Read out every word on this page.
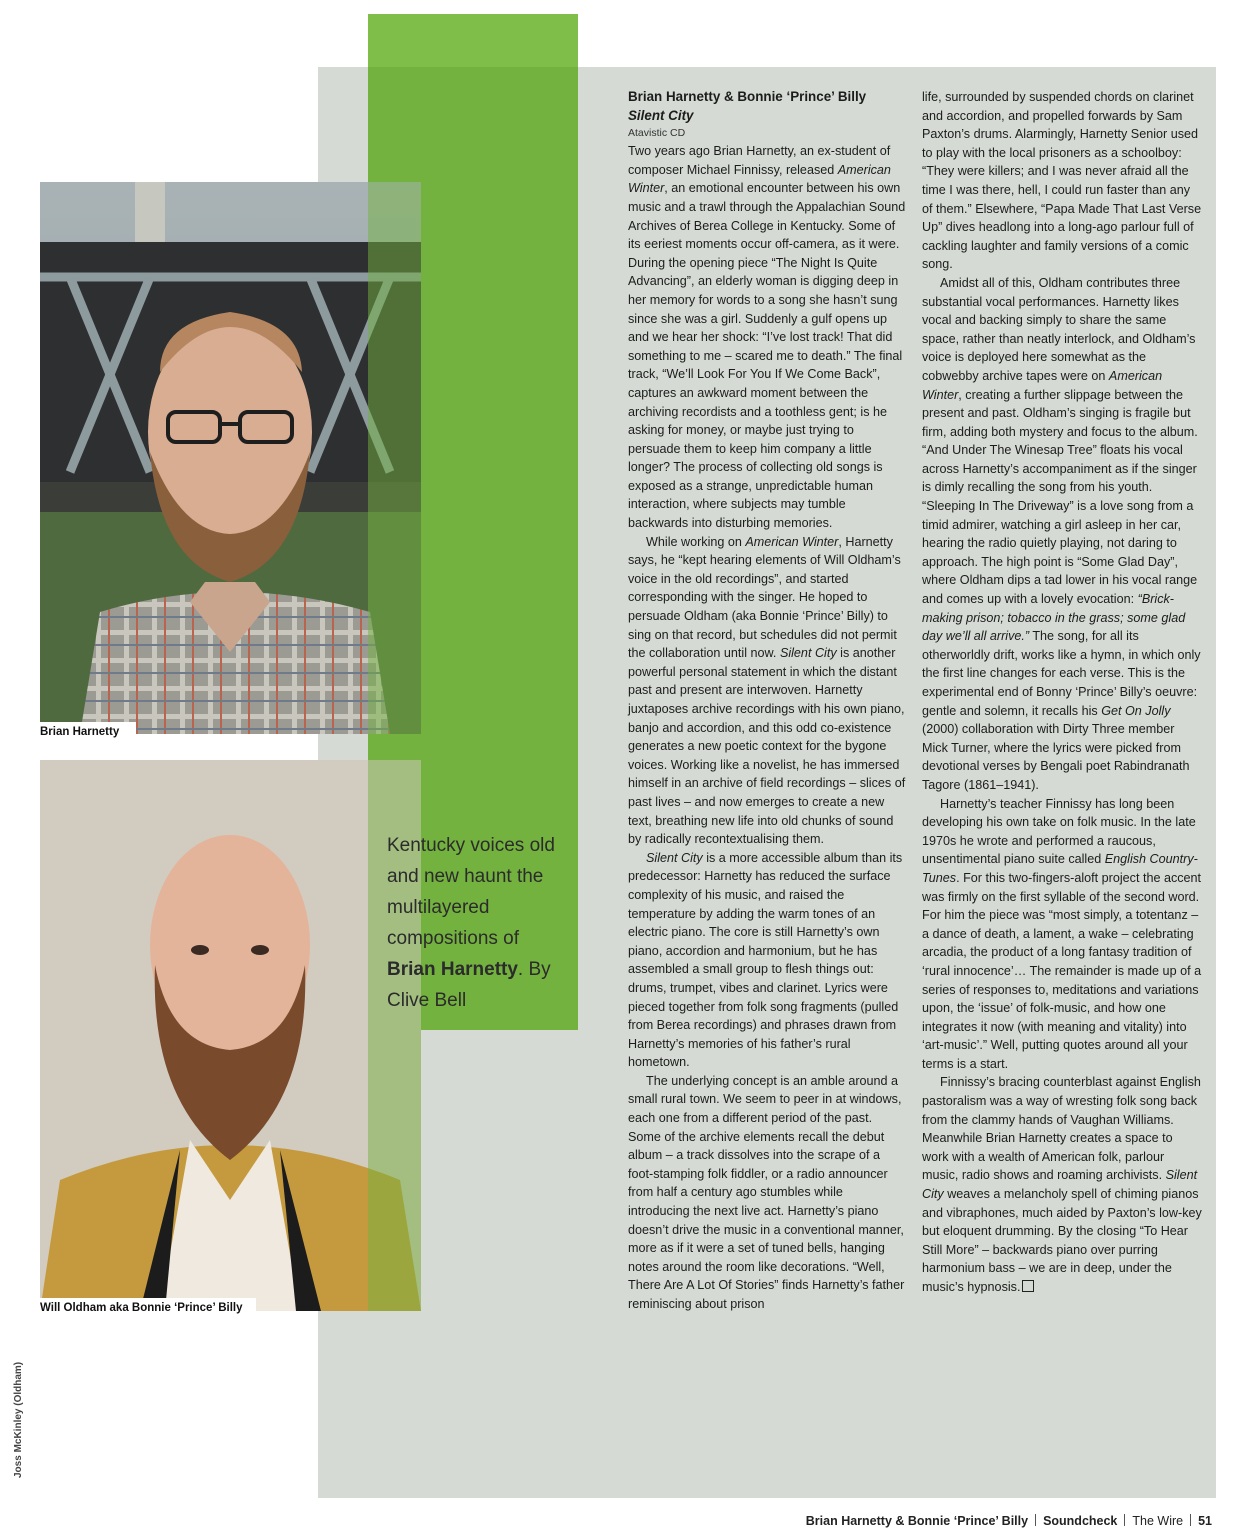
Brian Harnetty
Will Oldham aka Bonnie ‘Prince’ Billy
Kentucky voices old and new haunt the multilayered compositions of Brian Harnetty. By Clive Bell
Brian Harnetty & Bonnie ‘Prince’ Billy
Silent City
Atavistic CD

Two years ago Brian Harnetty, an ex-student of composer Michael Finnissy, released American Winter, an emotional encounter between his own music and a trawl through the Appalachian Sound Archives of Berea College in Kentucky. Some of its eeriest moments occur off-camera, as it were. During the opening piece “The Night Is Quite Advancing”, an elderly woman is digging deep in her memory for words to a song she hasn’t sung since she was a girl. Suddenly a gulf opens up and we hear her shock: “I’ve lost track! That did something to me – scared me to death.” The final track, “We’ll Look For You If We Come Back”, captures an awkward moment between the archiving recordists and a toothless gent; is he asking for money, or maybe just trying to persuade them to keep him company a little longer? The process of collecting old songs is exposed as a strange, unpredictable human interaction, where subjects may tumble backwards into disturbing memories.

While working on American Winter, Harnetty says, he “kept hearing elements of Will Oldham’s voice in the old recordings”, and started corresponding with the singer. He hoped to persuade Oldham (aka Bonnie ‘Prince’ Billy) to sing on that record, but schedules did not permit the collaboration until now. Silent City is another powerful personal statement in which the distant past and present are interwoven. Harnetty juxtaposes archive recordings with his own piano, banjo and accordion, and this odd co-existence generates a new poetic context for the bygone voices. Working like a novelist, he has immersed himself in an archive of field recordings – slices of past lives – and now emerges to create a new text, breathing new life into old chunks of sound by radically recontextualising them.

Silent City is a more accessible album than its predecessor: Harnetty has reduced the surface complexity of his music, and raised the temperature by adding the warm tones of an electric piano. The core is still Harnetty’s own piano, accordion and harmonium, but he has assembled a small group to flesh things out: drums, trumpet, vibes and clarinet. Lyrics were pieced together from folk song fragments (pulled from Berea recordings) and phrases drawn from Harnetty’s memories of his father’s rural hometown.

The underlying concept is an amble around a small rural town. We seem to peer in at windows, each one from a different period of the past. Some of the archive elements recall the debut album – a track dissolves into the scrape of a foot-stamping folk fiddler, or a radio announcer from half a century ago stumbles while introducing the next live act. Harnetty’s piano doesn’t drive the music in a conventional manner, more as if it were a set of tuned bells, hanging notes around the room like decorations. “Well, There Are A Lot Of Stories” finds Harnetty’s father reminiscing about prison

life, surrounded by suspended chords on clarinet and accordion, and propelled forwards by Sam Paxton’s drums. Alarmingly, Harnetty Senior used to play with the local prisoners as a schoolboy: “They were killers; and I was never afraid all the time I was there, hell, I could run faster than any of them.” Elsewhere, “Papa Made That Last Verse Up” dives headlong into a long-ago parlour full of cackling laughter and family versions of a comic song.

Amidst all of this, Oldham contributes three substantial vocal performances. Harnetty likes vocal and backing simply to share the same space, rather than neatly interlock, and Oldham’s voice is deployed here somewhat as the cobwebby archive tapes were on American Winter, creating a further slippage between the present and past. Oldham’s singing is fragile but firm, adding both mystery and focus to the album. “And Under The Winesap Tree” floats his vocal across Harnetty’s accompaniment as if the singer is dimly recalling the song from his youth. “Sleeping In The Driveway” is a love song from a timid admirer, watching a girl asleep in her car, hearing the radio quietly playing, not daring to approach. The high point is “Some Glad Day”, where Oldham dips a tad lower in his vocal range and comes up with a lovely evocation: “Brick-making prison; tobacco in the grass; some glad day we’ll all arrive.” The song, for all its otherworldly drift, works like a hymn, in which only the first line changes for each verse. This is the experimental end of Bonny ‘Prince’ Billy’s oeuvre: gentle and solemn, it recalls his Get On Jolly (2000) collaboration with Dirty Three member Mick Turner, where the lyrics were picked from devotional verses by Bengali poet Rabindranath Tagore (1861–1941).

Harnetty’s teacher Finnissy has long been developing his own take on folk music. In the late 1970s he wrote and performed a raucous, unsentimental piano suite called English Country-Tunes. For this two-fingers-aloft project the accent was firmly on the first syllable of the second word. For him the piece was “most simply, a totentanz – a dance of death, a lament, a wake – celebrating arcadia, the product of a long fantasy tradition of ‘rural innocence’… The remainder is made up of a series of responses to, meditations and variations upon, the ‘issue’ of folk-music, and how one integrates it now (with meaning and vitality) into ‘art-music’.” Well, putting quotes around all your terms is a start.

Finnissy’s bracing counterblast against English pastoralism was a way of wresting folk song back from the clammy hands of Vaughan Williams. Meanwhile Brian Harnetty creates a space to work with a wealth of American folk, parlour music, radio shows and roaming archivists. Silent City weaves a melancholy spell of chiming pianos and vibraphones, much aided by Paxton’s low-key but eloquent drumming. By the closing “To Hear Still More” – backwards piano over purring harmonium bass – we are in deep, under the music’s hypnosis.

Joss McKinley (Oldham)
Brian Harnetty & Bonnie ‘Prince’ Billy Soundcheck The Wire 51
